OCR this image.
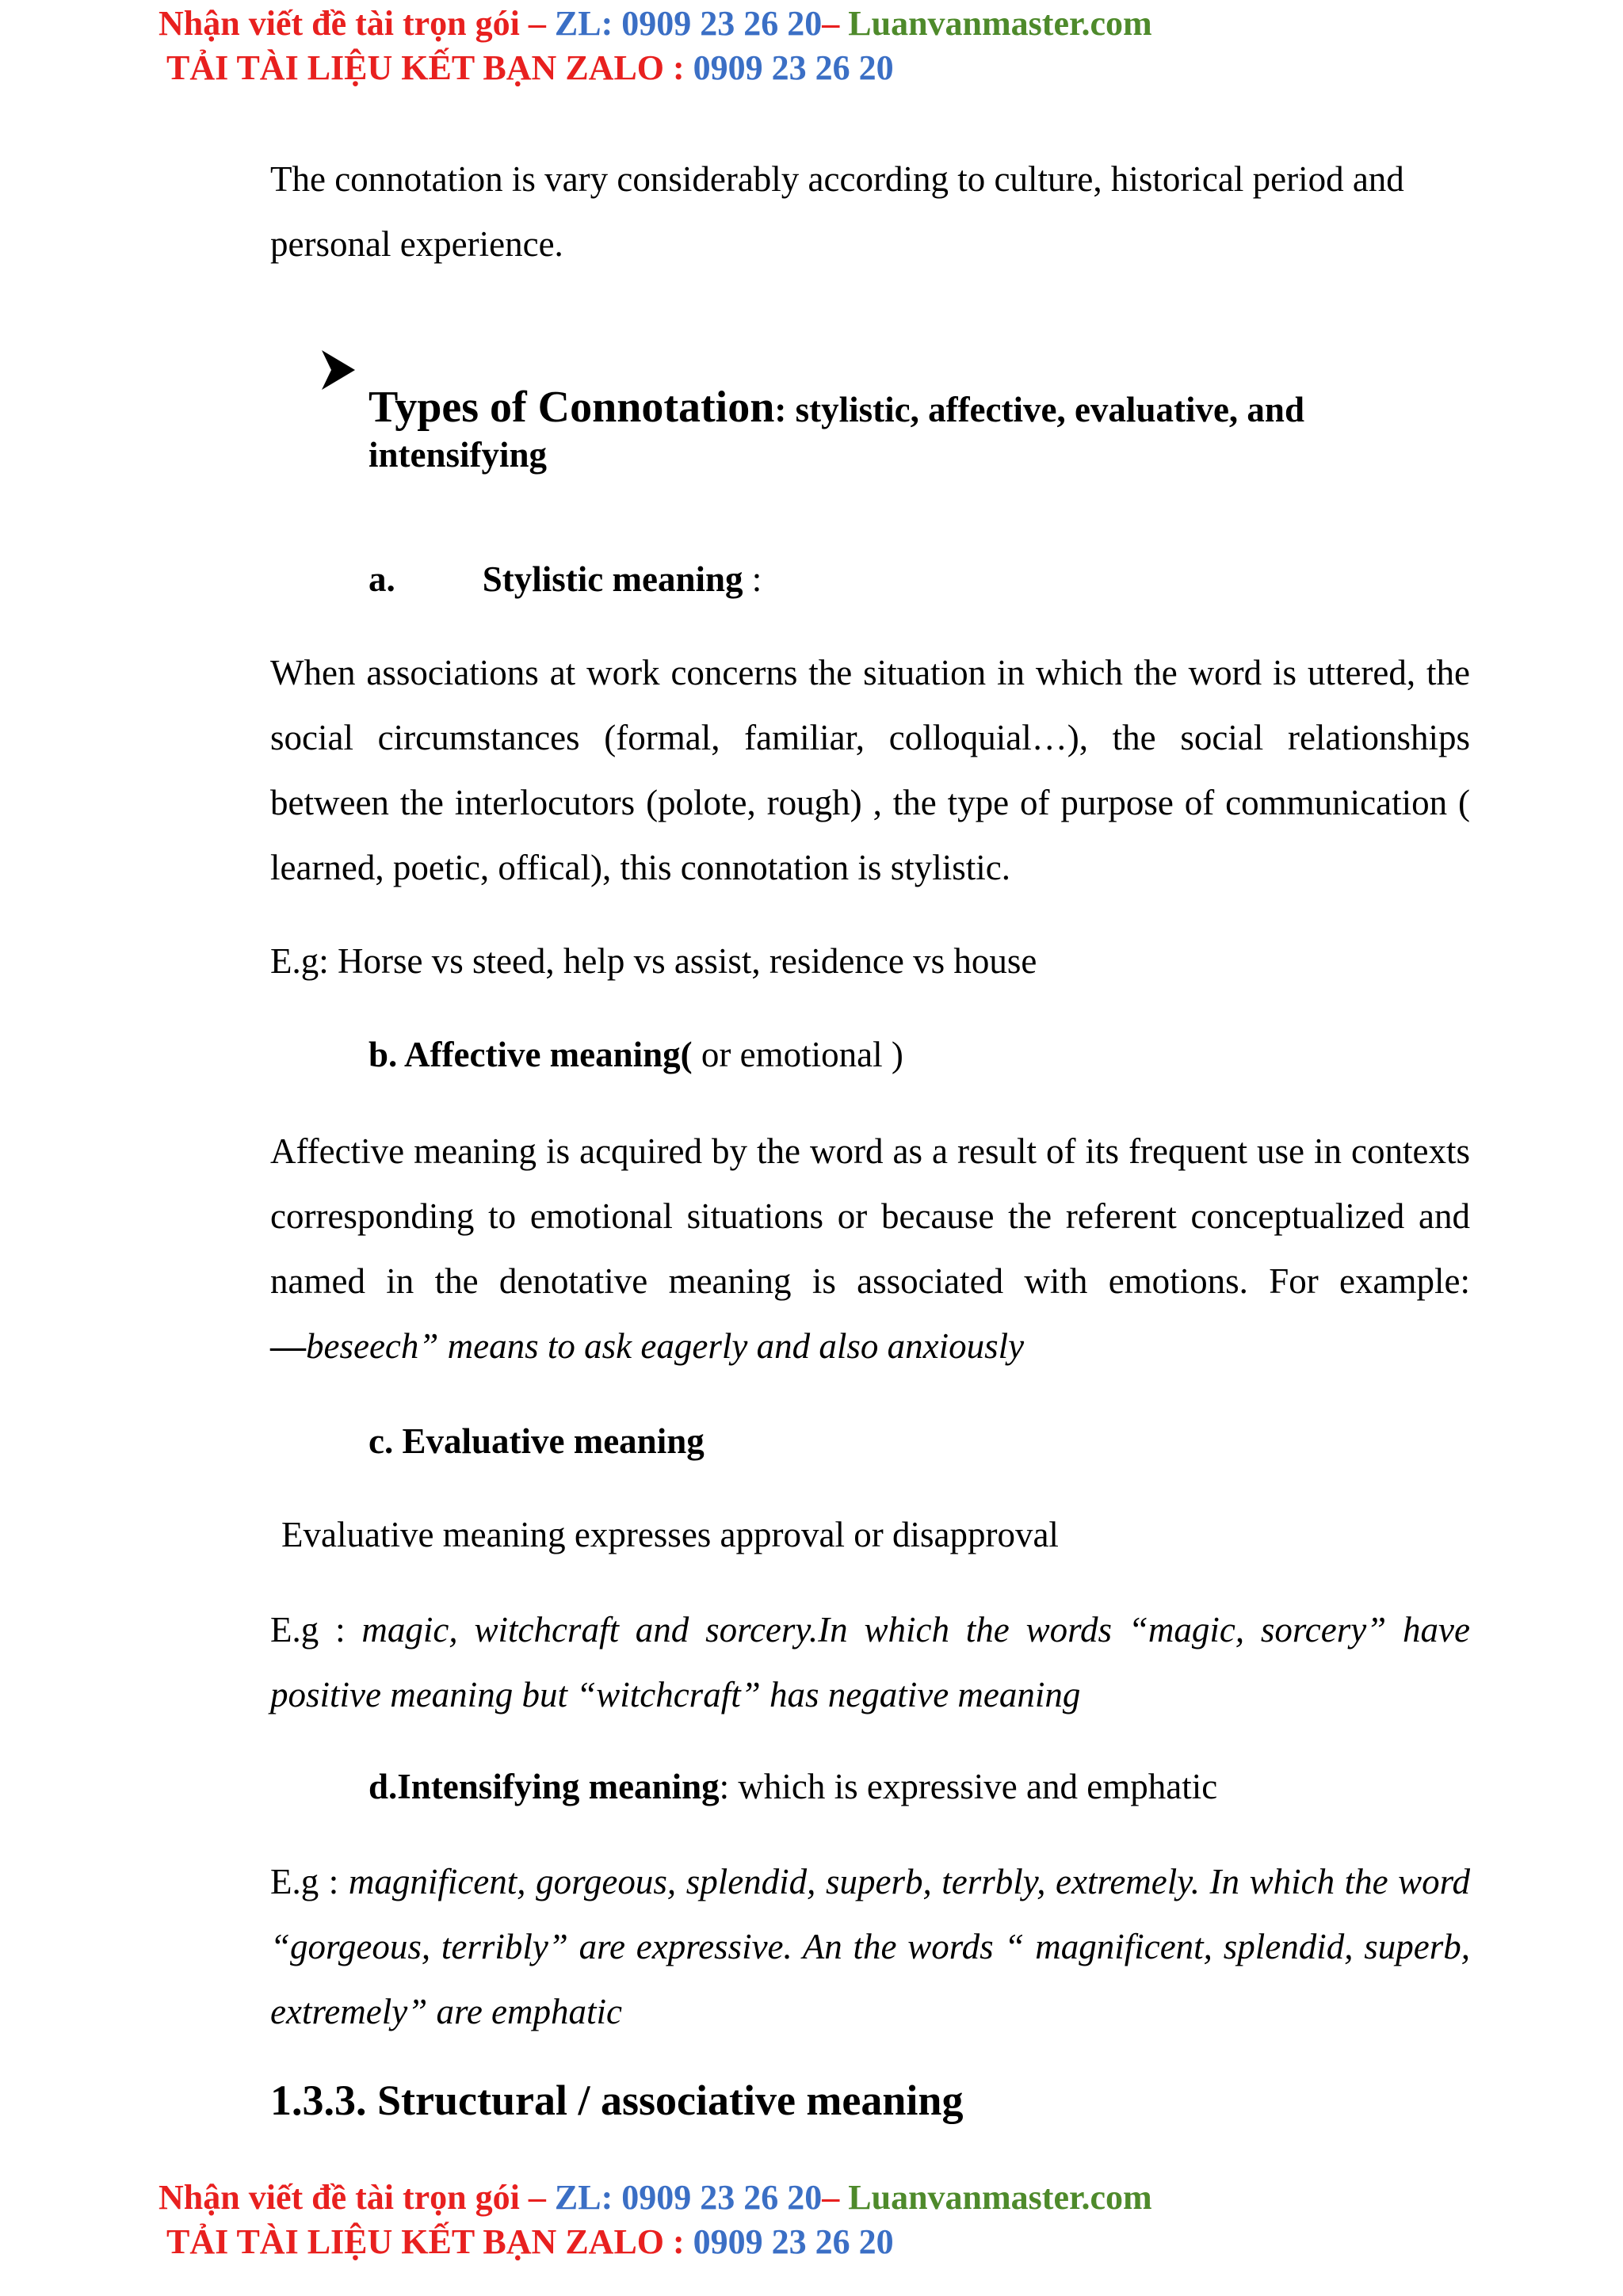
Nhận viết đề tài trọn gói – ZL: 0909 23 26 20– Luanvanmaster.com
TẢI TÀI LIỆU KẾT BẠN ZALO : 0909 23 26 20

The connotation is vary considerably according to culture, historical period and personal experience.

Types of Connotation: stylistic, affective, evaluative, and
intensifying
a. Stylistic meaning :

When associations at work concerns the situation in which the word is uttered, the social circumstances (formal, familiar, colloquial…), the social relationships between the interlocutors (polote, rough) , the type of purpose of communication ( learned, poetic, offical), this connotation is stylistic.

E.g: Horse vs steed, help vs assist, residence vs house

b. Affective meaning( or emotional )

Affective meaning is acquired by the word as a result of its frequent use in contexts corresponding to emotional situations or because the referent conceptualized and named in the denotative meaning is associated with emotions. For example: ―beseech” means to ask eagerly and also anxiously

c. Evaluative meaning

Evaluative meaning expresses approval or disapproval

E.g : magic, witchcraft and sorcery.In which the words “magic, sorcery” have positive meaning but “witchcraft” has negative meaning

d.Intensifying meaning: which is expressive and emphatic

E.g : magnificent, gorgeous, splendid, superb, terrbly, extremely. In which the word “gorgeous, terribly” are expressive. An the words “ magnificent, splendid, superb, extremely” are emphatic

1.3.3. Structural / associative meaning
Nhận viết đề tài trọn gói – ZL: 0909 23 26 20– Luanvanmaster.com
TẢI TÀI LIỆU KẾT BẠN ZALO : 0909 23 26 20
